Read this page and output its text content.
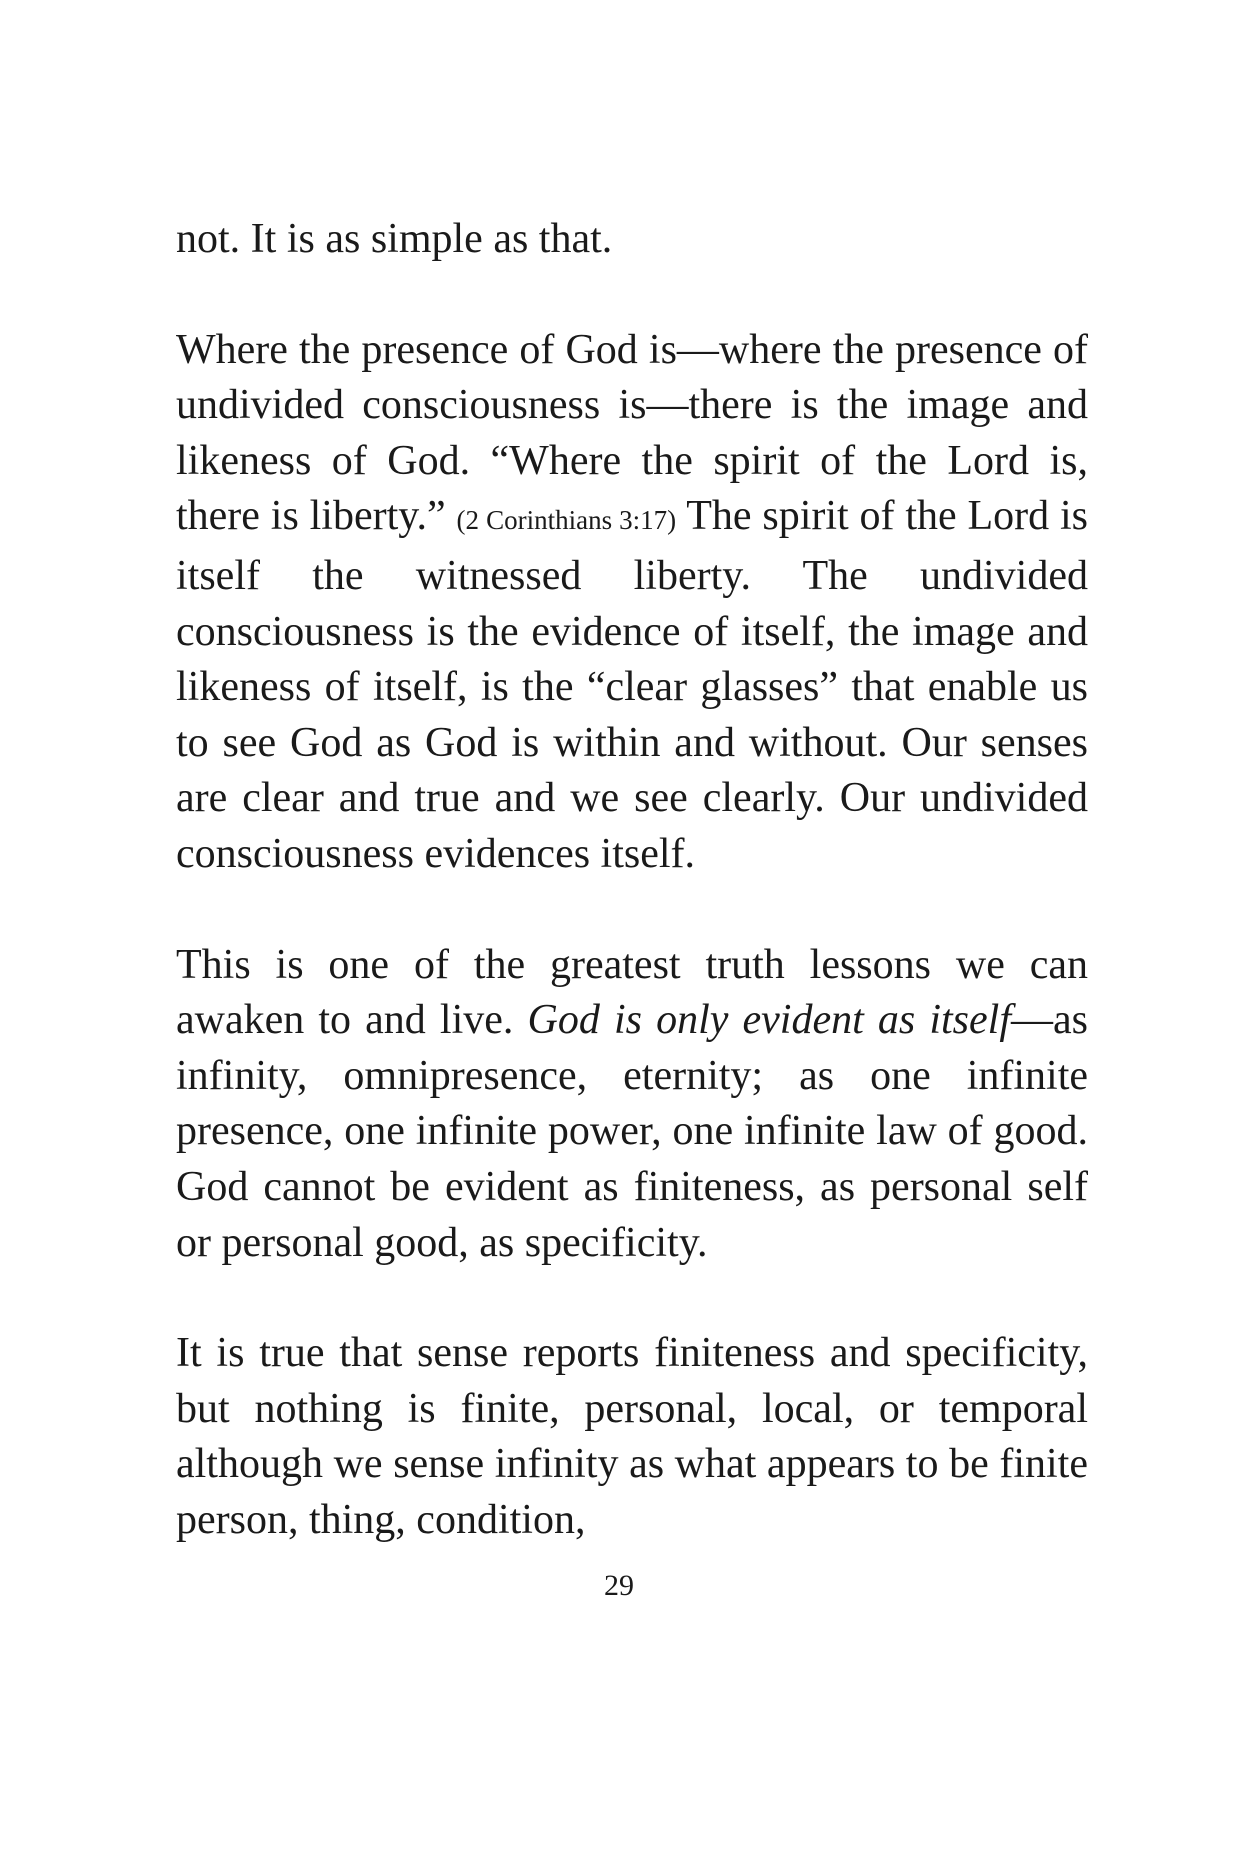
not. It is as simple as that.

Where the presence of God is—where the presence of undivided consciousness is—there is the image and likeness of God. “Where the spirit of the Lord is, there is liberty.” (2 Corinthians 3:17) The spirit of the Lord is itself the witnessed liberty. The undivided consciousness is the evidence of itself, the image and likeness of itself, is the “clear glasses” that enable us to see God as God is within and without. Our senses are clear and true and we see clearly. Our undivided consciousness evidences itself.

This is one of the greatest truth lessons we can awaken to and live. God is only evident as itself—as infinity, omnipresence, eternity; as one infinite presence, one infinite power, one infinite law of good. God cannot be evident as finiteness, as personal self or personal good, as specificity.

It is true that sense reports finiteness and specificity, but nothing is finite, personal, local, or temporal although we sense infinity as what appears to be finite person, thing, condition,

29
